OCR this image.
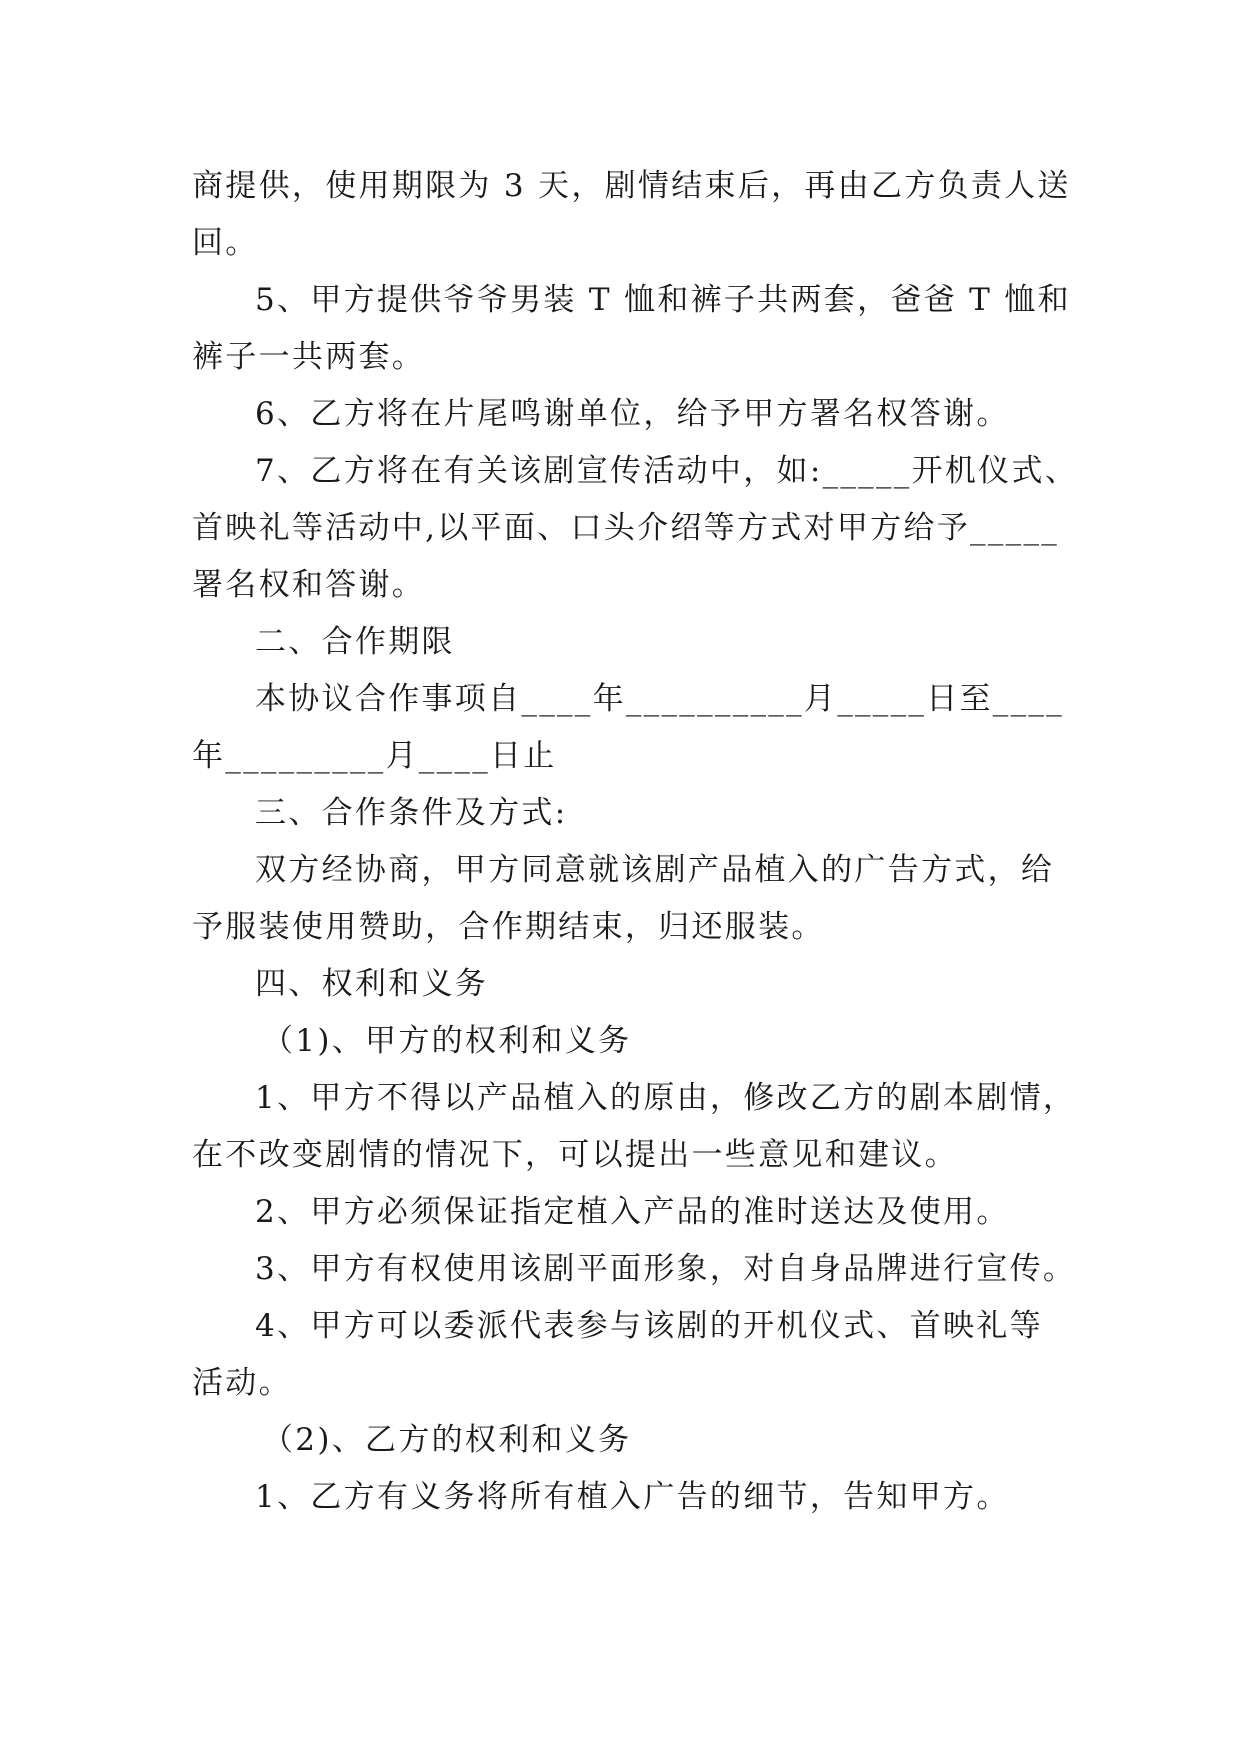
商提供，使用期限为 3 天，剧情结束后，再由乙方负责人送

回。

5、甲方提供爷爷男装 T 恤和裤子共两套，爸爸 T 恤和

裤子一共两套。

6、乙方将在片尾鸣谢单位，给予甲方署名权答谢。

7、乙方将在有关该剧宣传活动中，如:_____开机仪式、

首映礼等活动中,以平面、口头介绍等方式对甲方给予_____

署名权和答谢。

二、合作期限

本协议合作事项自____年__________月_____日至____

年_________月____日止

三、合作条件及方式:

双方经协商，甲方同意就该剧产品植入的广告方式，给

予服装使用赞助，合作期结束，归还服装。

四、权利和义务

（1)、甲方的权利和义务

1、甲方不得以产品植入的原由，修改乙方的剧本剧情，

在不改变剧情的情况下，可以提出一些意见和建议。

2、甲方必须保证指定植入产品的准时送达及使用。

3、甲方有权使用该剧平面形象，对自身品牌进行宣传。

4、甲方可以委派代表参与该剧的开机仪式、首映礼等

活动。

（2)、乙方的权利和义务

1、乙方有义务将所有植入广告的细节，告知甲方。
